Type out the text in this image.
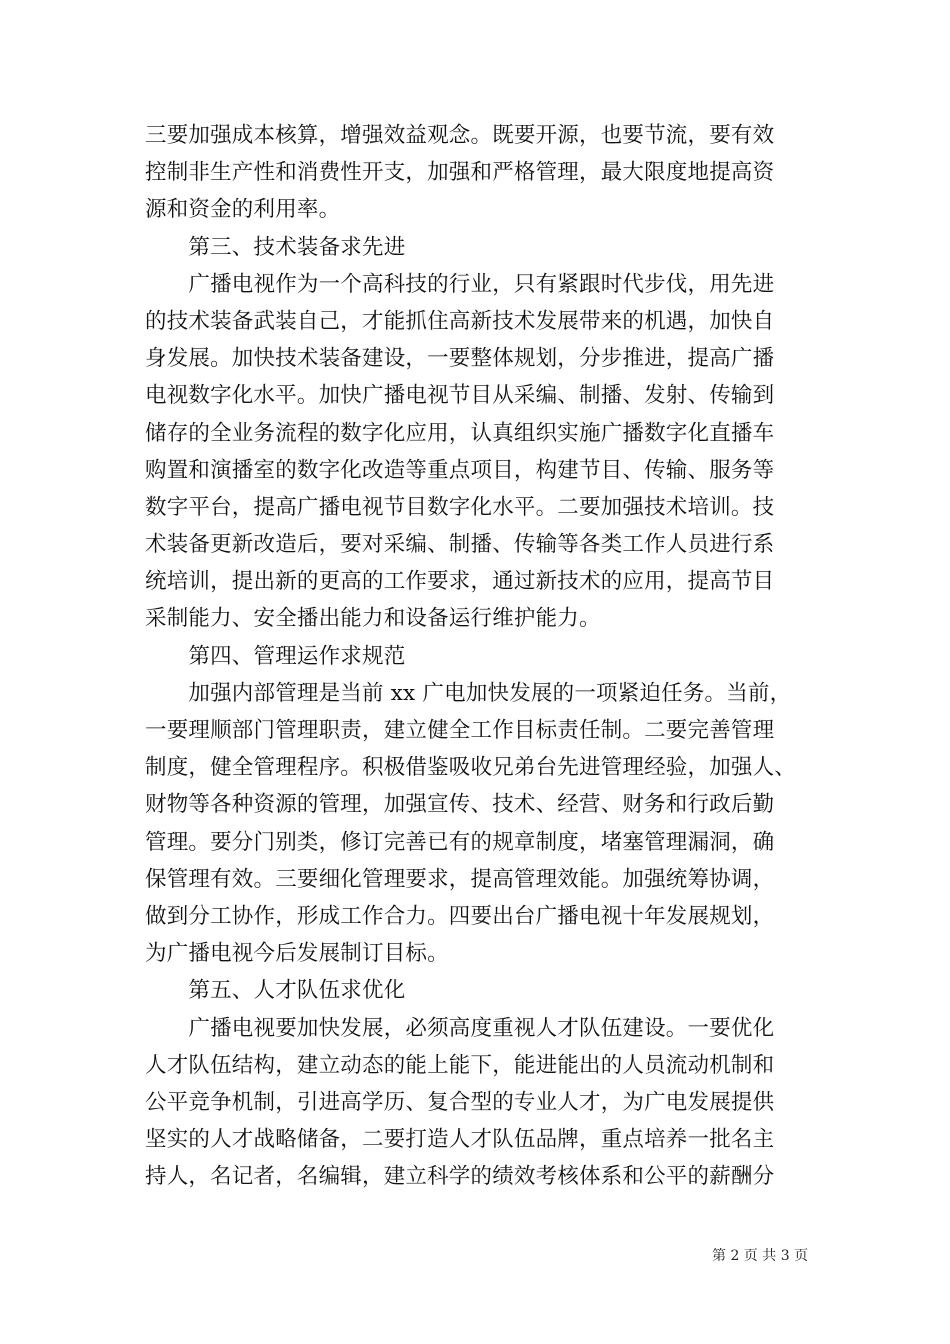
三要加强成本核算，增强效益观念。既要开源，也要节流，要有效
控制非生产性和消费性开支，加强和严格管理，最大限度地提高资
源和资金的利用率。
　　第三、技术装备求先进
　　广播电视作为一个高科技的行业，只有紧跟时代步伐，用先进
的技术装备武装自己，才能抓住高新技术发展带来的机遇，加快自
身发展。加快技术装备建设，一要整体规划，分步推进，提高广播
电视数字化水平。加快广播电视节目从采编、制播、发射、传输到
储存的全业务流程的数字化应用，认真组织实施广播数字化直播车
购置和演播室的数字化改造等重点项目，构建节目、传输、服务等
数字平台，提高广播电视节目数字化水平。二要加强技术培训。技
术装备更新改造后，要对采编、制播、传输等各类工作人员进行系
统培训，提出新的更高的工作要求，通过新技术的应用，提高节目
采制能力、安全播出能力和设备运行维护能力。
　　第四、管理运作求规范
　　加强内部管理是当前 xx 广电加快发展的一项紧迫任务。当前，
一要理顺部门管理职责，建立健全工作目标责任制。二要完善管理
制度，健全管理程序。积极借鉴吸收兄弟台先进管理经验，加强人、
财物等各种资源的管理，加强宣传、技术、经营、财务和行政后勤
管理。要分门别类，修订完善已有的规章制度，堵塞管理漏洞，确
保管理有效。三要细化管理要求，提高管理效能。加强统筹协调，
做到分工协作，形成工作合力。四要出台广播电视十年发展规划，
为广播电视今后发展制订目标。
　　第五、人才队伍求优化
　　广播电视要加快发展，必须高度重视人才队伍建设。一要优化
人才队伍结构，建立动态的能上能下，能进能出的人员流动机制和
公平竞争机制，引进高学历、复合型的专业人才，为广电发展提供
坚实的人才战略储备，二要打造人才队伍品牌，重点培养一批名主
持人，名记者，名编辑，建立科学的绩效考核体系和公平的薪酬分
第 2 页 共 3 页
